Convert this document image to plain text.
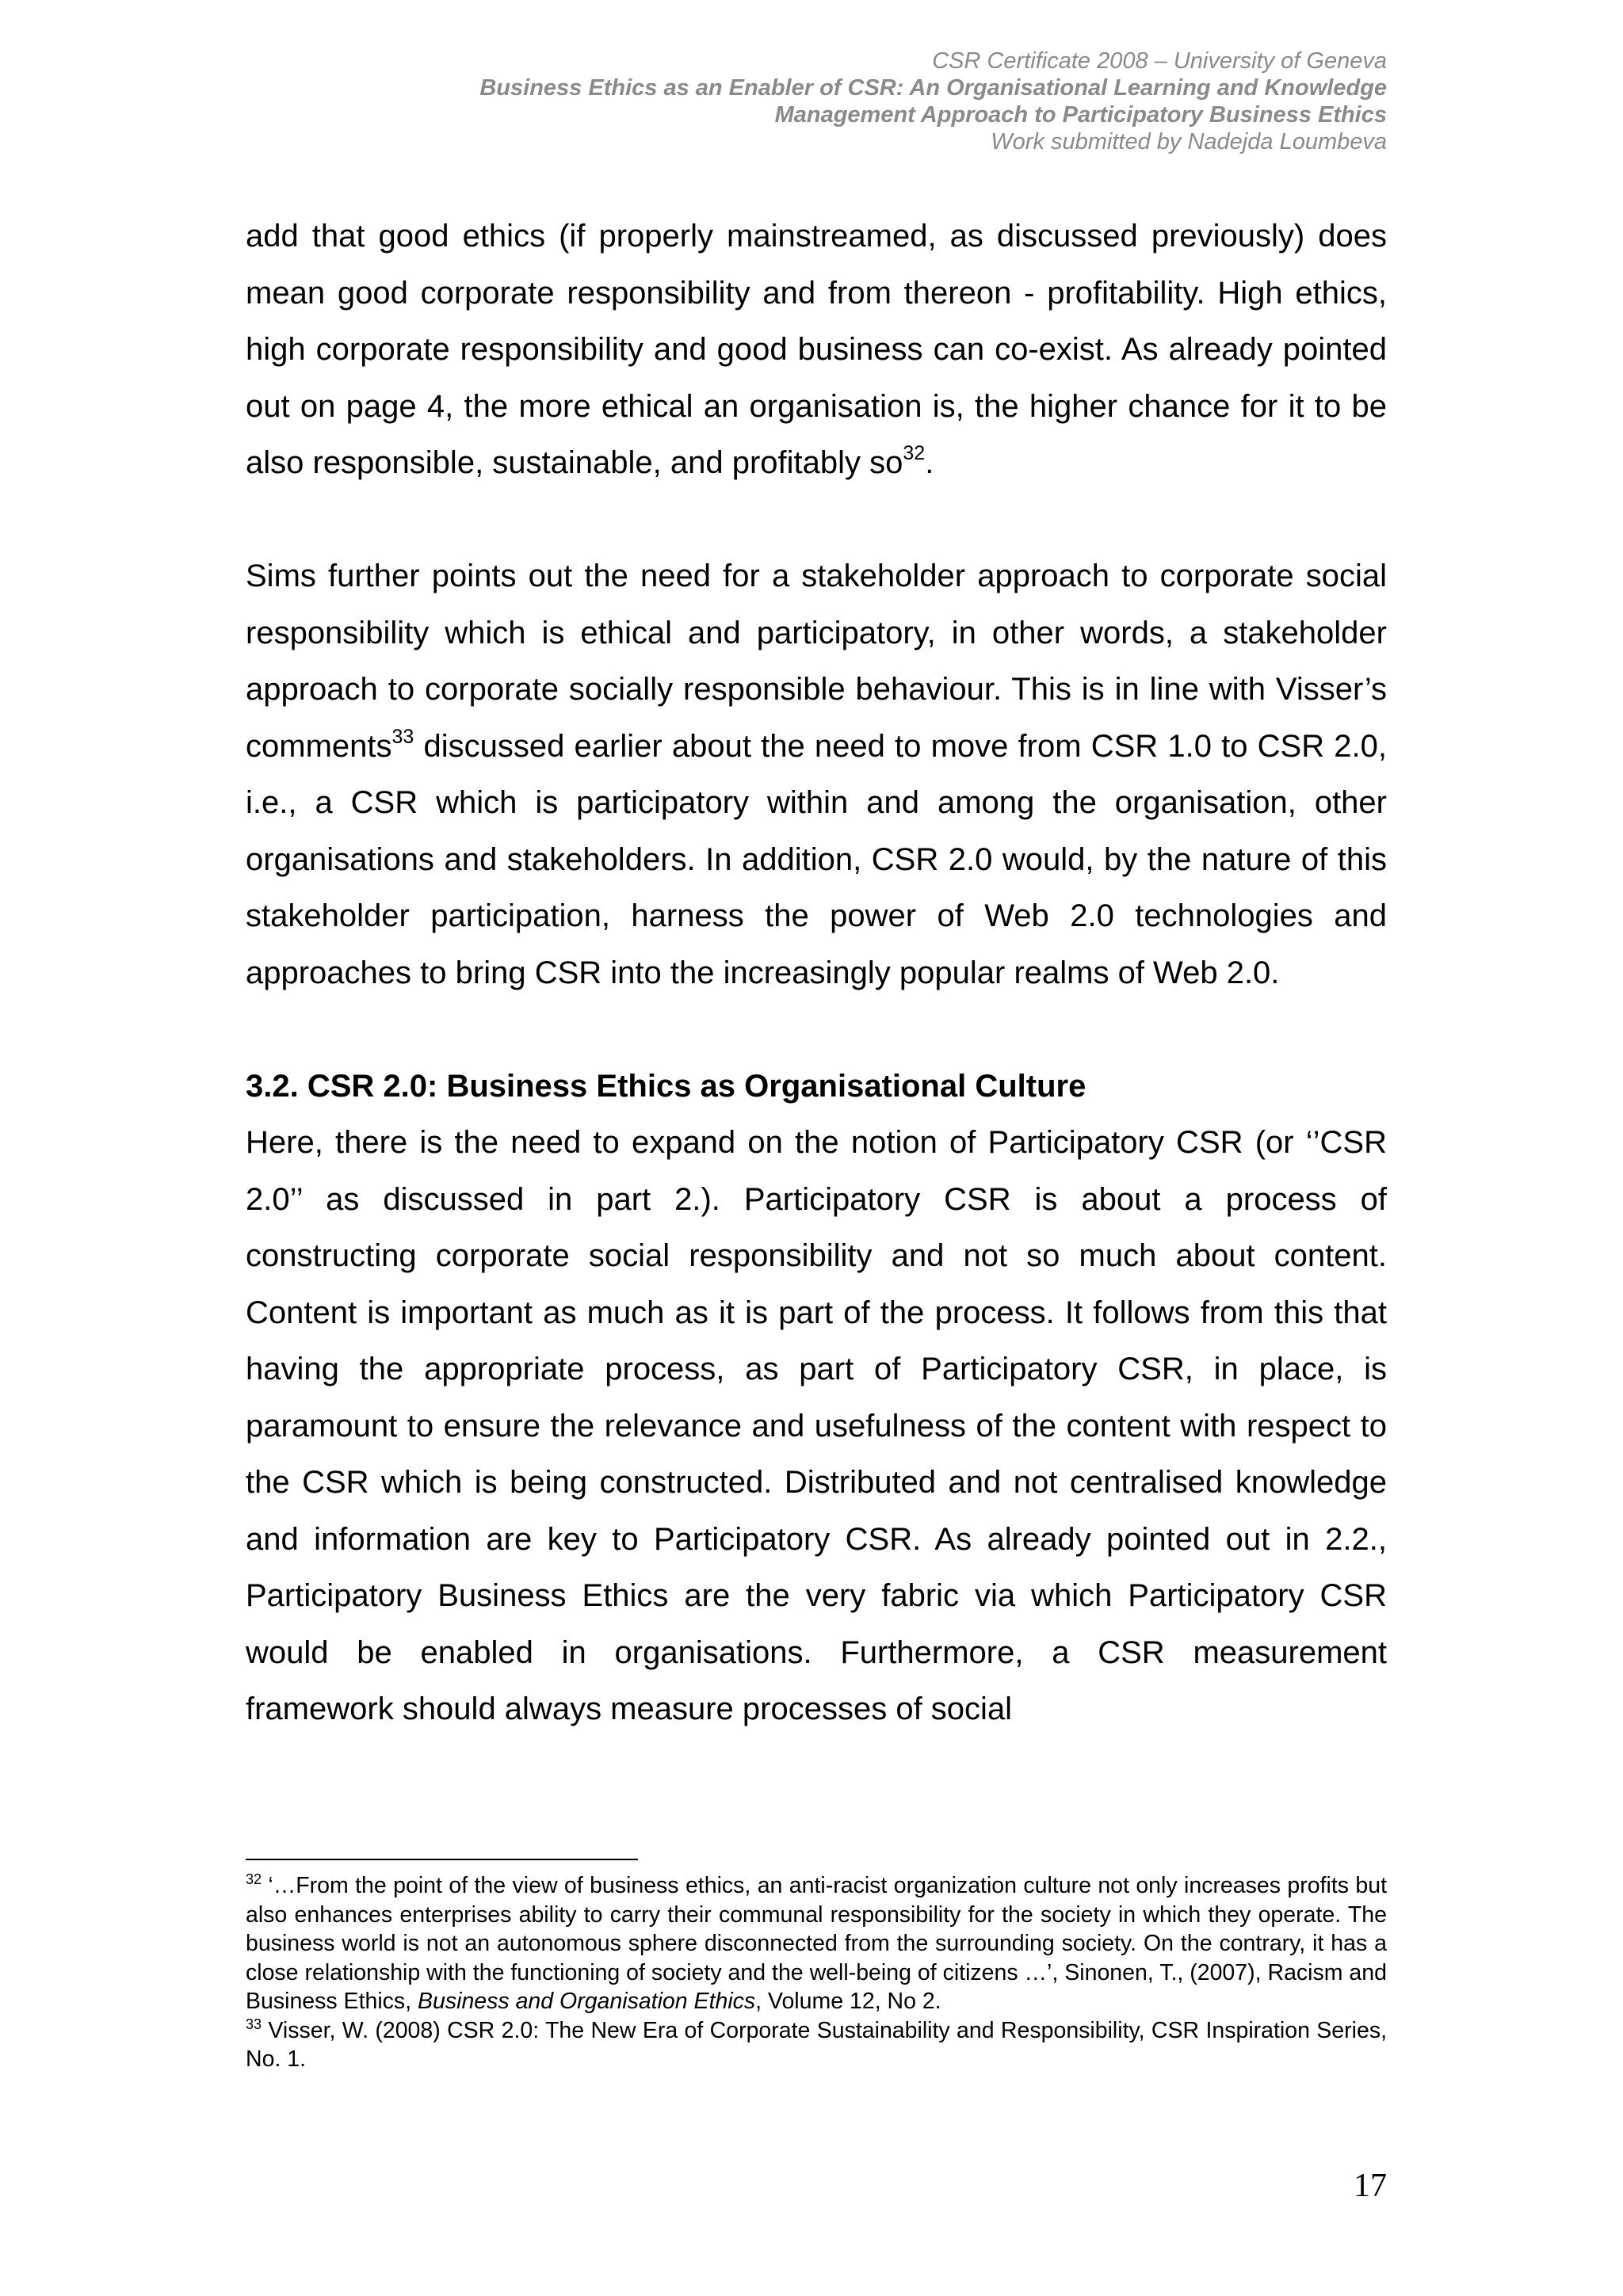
CSR Certificate 2008 – University of Geneva
Business Ethics as an Enabler of CSR: An Organisational Learning and Knowledge
Management Approach to Participatory Business Ethics
Work submitted by Nadejda Loumbeva

add that good ethics (if properly mainstreamed, as discussed previously) does mean good corporate responsibility and from thereon - profitability. High ethics, high corporate responsibility and good business can co-exist. As already pointed out on page 4, the more ethical an organisation is, the higher chance for it to be also responsible, sustainable, and profitably $so^{32}$.

Sims further points out the need for a stakeholder approach to corporate social responsibility which is ethical and participatory, in other words, a stakeholder approach to corporate socially responsible behaviour. This is in line with Visser’s comments$^{33}$ discussed earlier about the need to move from CSR 1.0 to CSR 2.0, i.e., a CSR which is participatory within and among the organisation, other organisations and stakeholders. In addition, CSR 2.0 would, by the nature of this stakeholder participation, harness the power of Web 2.0 technologies and approaches to bring CSR into the increasingly popular realms of Web 2.0.

3.2. CSR 2.0: Business Ethics as Organisational Culture

Here, there is the need to expand on the notion of Participatory CSR (or ‘’CSR 2.0’’ as discussed in part 2.). Participatory CSR is about a process of constructing corporate social responsibility and not so much about content. Content is important as much as it is part of the process. It follows from this that having the appropriate process, as part of Participatory CSR, in place, is paramount to ensure the relevance and usefulness of the content with respect to the CSR which is being constructed. Distributed and not centralised knowledge and information are key to Participatory CSR. As already pointed out in 2.2., Participatory Business Ethics are the very fabric via which Participatory CSR would be enabled in organisations. Furthermore, a CSR measurement framework should always measure processes of social

$^{32}$ ‘…From the point of the view of business ethics, an anti-racist organization culture not only increases profits but also enhances enterprises ability to carry their communal responsibility for the society in which they operate. The business world is not an autonomous sphere disconnected from the surrounding society. On the contrary, it has a close relationship with the functioning of society and the well-being of citizens …’, Sinonen, T., (2007), Racism and Business Ethics, Business and Organisation Ethics, Volume 12, No 2.

$^{33}$ Visser, W. (2008) CSR 2.0: The New Era of Corporate Sustainability and Responsibility, CSR Inspiration Series, No. 1.

17
